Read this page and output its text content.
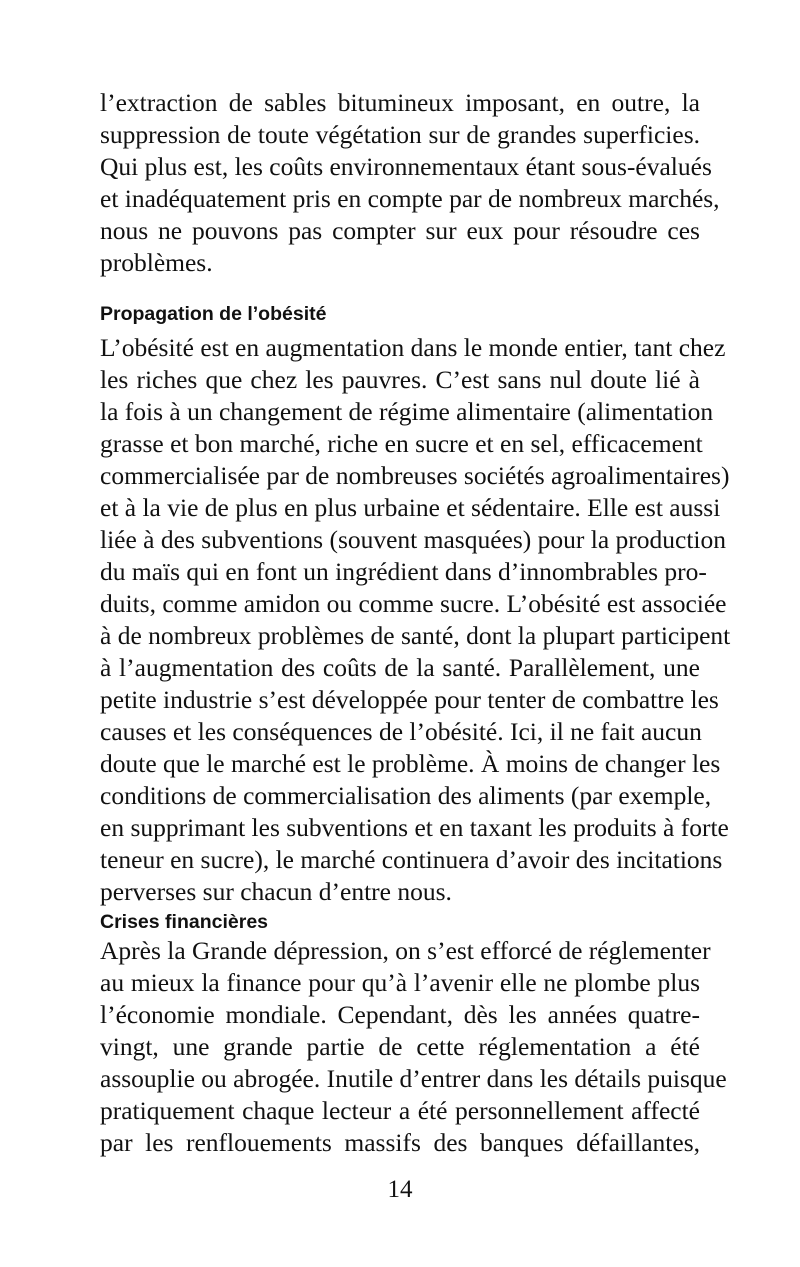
l’extraction de sables bitumineux imposant, en outre, la
suppression de toute végétation sur de grandes superficies.
Qui plus est, les coûts environnementaux étant sous-évalués
et inadéquatement pris en compte par de nombreux marchés,
nous ne pouvons pas compter sur eux pour résoudre ces
problèmes.
Propagation de l’obésité
L’obésité est en augmentation dans le monde entier, tant chez
les riches que chez les pauvres. C’est sans nul doute lié à
la fois à un changement de régime alimentaire (alimentation
grasse et bon marché, riche en sucre et en sel, efficacement
commercialisée par de nombreuses sociétés agroalimentaires)
et à la vie de plus en plus urbaine et sédentaire. Elle est aussi
liée à des subventions (souvent masquées) pour la production
du maïs qui en font un ingrédient dans d’innombrables pro-
duits, comme amidon ou comme sucre. L’obésité est associée
à de nombreux problèmes de santé, dont la plupart participent
à l’augmentation des coûts de la santé. Parallèlement, une
petite industrie s’est développée pour tenter de combattre les
causes et les conséquences de l’obésité. Ici, il ne fait aucun
doute que le marché est le problème. À moins de changer les
conditions de commercialisation des aliments (par exemple,
en supprimant les subventions et en taxant les produits à forte
teneur en sucre), le marché continuera d’avoir des incitations
perverses sur chacun d’entre nous.
Crises financières
Après la Grande dépression, on s’est efforcé de réglementer
au mieux la finance pour qu’à l’avenir elle ne plombe plus
l’économie mondiale. Cependant, dès les années quatre-
vingt, une grande partie de cette réglementation a été
assouplie ou abrogée. Inutile d’entrer dans les détails puisque
pratiquement chaque lecteur a été personnellement affecté
par les renflouements massifs des banques défaillantes,
14
